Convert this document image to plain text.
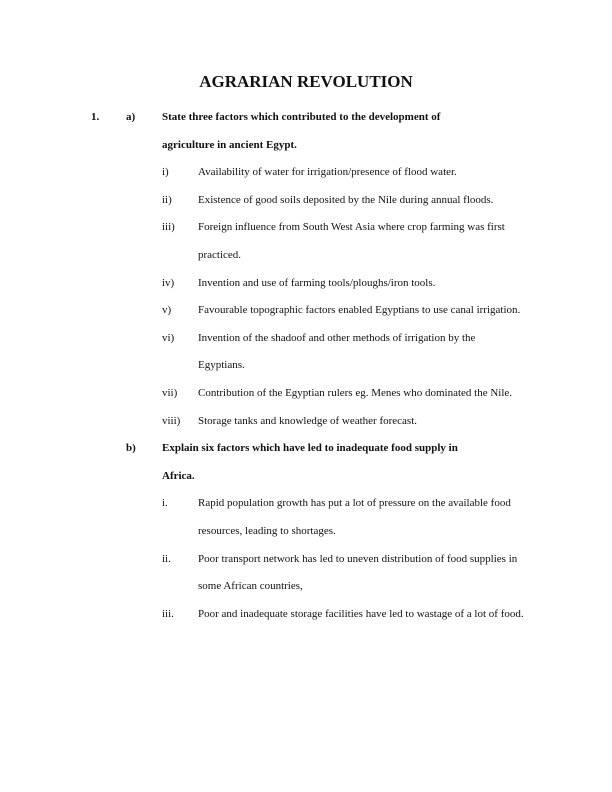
AGRARIAN REVOLUTION
1. a) State three factors which contributed to the development of agriculture in ancient Egypt.
i)	Availability of water for irrigation/presence of flood water.
ii) Existence of good soils deposited by the Nile during annual floods.
iii) Foreign influence from South West Asia where crop farming was first practiced.
iv) Invention and use of farming tools/ploughs/iron tools.
v) Favourable topographic factors enabled Egyptians to use canal irrigation.
vi) Invention of the shadoof and other methods of irrigation by the Egyptians.
vii) Contribution of the Egyptian rulers eg. Menes who dominated the Nile.
viii) Storage tanks and knowledge of weather forecast.
b) Explain six factors which have led to inadequate food supply in Africa.
i.	Rapid population growth has put a lot of pressure on the available food resources, leading to shortages.
ii. Poor transport network has led to uneven distribution of food supplies in some African countries,
iii. Poor and inadequate storage facilities have led to wastage of a lot of food.
